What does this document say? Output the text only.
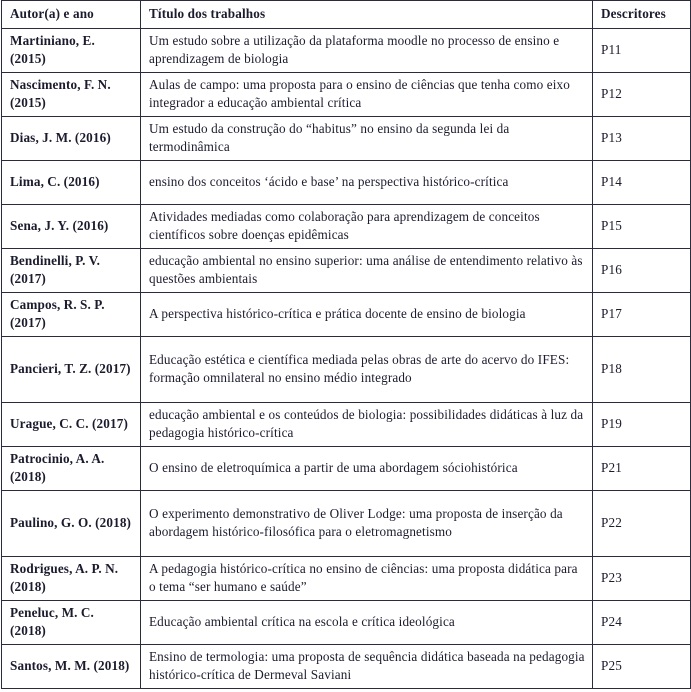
Autor(a) e ano	Título dos trabalhos	Descritores
Martiniano, E. (2015)	Um estudo sobre a utilização da plataforma moodle no processo de ensino e aprendizagem de biologia	P11
Nascimento, F. N. (2015)	Aulas de campo: uma proposta para o ensino de ciências que tenha como eixo integrador a educação ambiental crítica	P12
Dias, J. M. (2016)	Um estudo da construção do “habitus” no ensino da segunda lei da termodinâmica	P13
Lima, C. (2016)	ensino dos conceitos ‘ácido e base’ na perspectiva histórico-crítica	P14
Sena, J. Y. (2016)	Atividades mediadas como colaboração para aprendizagem de conceitos científicos sobre doenças epidêmicas	P15
Bendinelli, P. V. (2017)	educação ambiental no ensino superior: uma análise de entendimento relativo às questões ambientais	P16
Campos, R. S. P. (2017)	A perspectiva histórico-crítica e prática docente de ensino de biologia	P17
Pancieri, T. Z. (2017)	Educação estética e científica mediada pelas obras de arte do acervo do IFES: formação omnilateral no ensino médio integrado	P18
Urague, C. C. (2017)	educação ambiental e os conteúdos de biologia: possibilidades didáticas à luz da pedagogia histórico-crítica	P19
Patrocinio, A. A. (2018)	O ensino de eletroquímica a partir de uma abordagem sóciohistórica	P21
Paulino, G. O. (2018)	O experimento demonstrativo de Oliver Lodge: uma proposta de inserção da abordagem histórico-filosófica para o eletromagnetismo	P22
Rodrigues, A. P. N. (2018)	A pedagogia histórico-crítica no ensino de ciências: uma proposta didática para o tema “ser humano e saúde”	P23
Peneluc, M. C. (2018)	Educação ambiental crítica na escola e crítica ideológica	P24
Santos, M. M. (2018)	Ensino de termologia: uma proposta de sequência didática baseada na pedagogia histórico-crítica de Dermeval Saviani	P25
